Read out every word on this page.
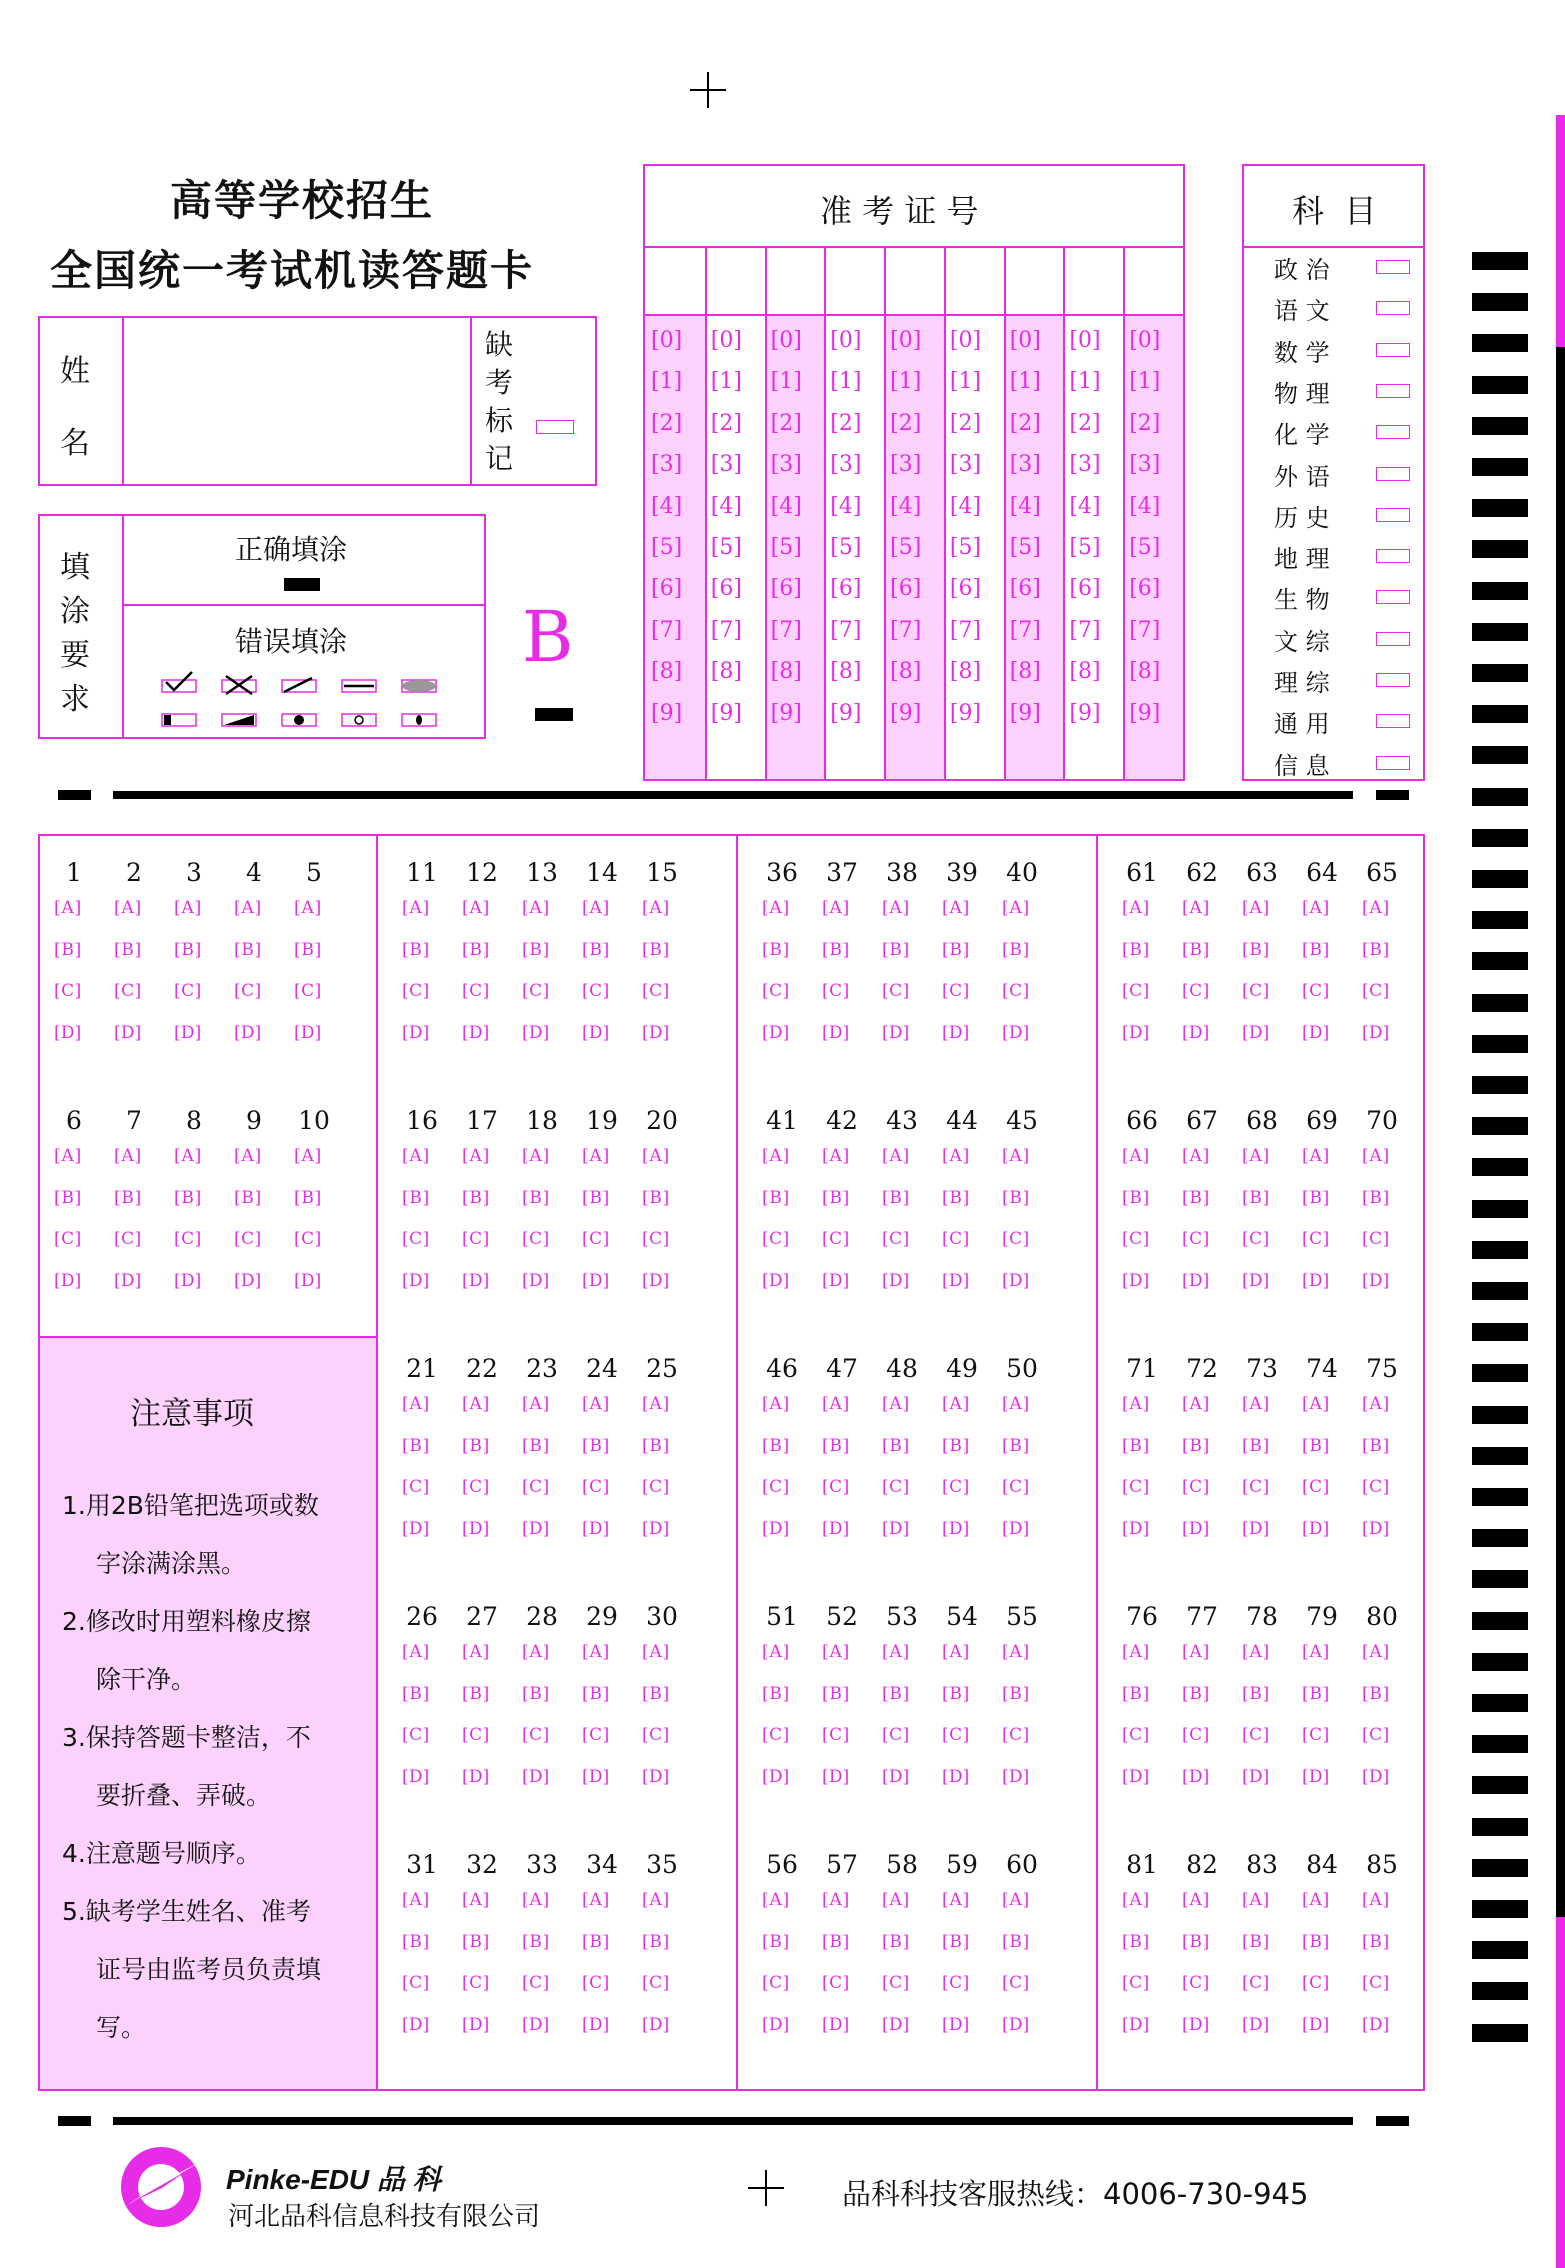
高等学校招生
全国统一考试机读答题卡
姓
名
缺
考
标
记
填
涂
要
求
正确填涂
错误填涂 B
准 考 证 号
[0]
[1]
[2]
[3]
[4]
[5]
[6]
[7]
[8]
[9]
[0]
[1]
[2]
[3]
[4]
[5]
[6]
[7]
[8]
[9]
[0]
[1]
[2]
[3]
[4]
[5]
[6]
[7]
[8]
[9]
[0]
[1]
[2]
[3]
[4]
[5]
[6]
[7]
[8]
[9]
[0]
[1]
[2]
[3]
[4]
[5]
[6]
[7]
[8]
[9]
[0]
[1]
[2]
[3]
[4]
[5]
[6]
[7]
[8]
[9]
[0]
[1]
[2]
[3]
[4]
[5]
[6]
[7]
[8]
[9]
[0]
[1]
[2]
[3]
[4]
[5]
[6]
[7]
[8]
[9]
[0]
[1]
[2]
[3]
[4]
[5]
[6]
[7]
[8]
[9]
科  目
政 治
语 文
数 学
物 理
化 学
外 语
历 史
地 理
生 物
文 综
理 综
通 用
信 息
注意事项
1.用2B铅笔把选项或数
字涂满涂黑。
2.修改时用塑料橡皮擦
除干净。
3.保持答题卡整洁，不
要折叠、弄破。
4.注意题号顺序。
5.缺考学生姓名、准考
证号由监考员负责填
写。
1
[A]
[B]
[C]
[D]
2
[A]
[B]
[C]
[D]
3
[A]
[B]
[C]
[D]
4
[A]
[B]
[C]
[D]
5
[A]
[B]
[C]
[D]
6
[A]
[B]
[C]
[D]
7
[A]
[B]
[C]
[D]
8
[A]
[B]
[C]
[D]
9
[A]
[B]
[C]
[D]
10
[A]
[B]
[C]
[D]
11
[A]
[B]
[C]
[D]
12
[A]
[B]
[C]
[D]
13
[A]
[B]
[C]
[D]
14
[A]
[B]
[C]
[D]
15
[A]
[B]
[C]
[D]
16
[A]
[B]
[C]
[D]
17
[A]
[B]
[C]
[D]
18
[A]
[B]
[C]
[D]
19
[A]
[B]
[C]
[D]
20
[A]
[B]
[C]
[D]
21
[A]
[B]
[C]
[D]
22
[A]
[B]
[C]
[D]
23
[A]
[B]
[C]
[D]
24
[A]
[B]
[C]
[D]
25
[A]
[B]
[C]
[D]
26
[A]
[B]
[C]
[D]
27
[A]
[B]
[C]
[D]
28
[A]
[B]
[C]
[D]
29
[A]
[B]
[C]
[D]
30
[A]
[B]
[C]
[D]
31
[A]
[B]
[C]
[D]
32
[A]
[B]
[C]
[D]
33
[A]
[B]
[C]
[D]
34
[A]
[B]
[C]
[D]
35
[A]
[B]
[C]
[D]
36
[A]
[B]
[C]
[D]
37
[A]
[B]
[C]
[D]
38
[A]
[B]
[C]
[D]
39
[A]
[B]
[C]
[D]
40
[A]
[B]
[C]
[D]
41
[A]
[B]
[C]
[D]
42
[A]
[B]
[C]
[D]
43
[A]
[B]
[C]
[D]
44
[A]
[B]
[C]
[D]
45
[A]
[B]
[C]
[D]
46
[A]
[B]
[C]
[D]
47
[A]
[B]
[C]
[D]
48
[A]
[B]
[C]
[D]
49
[A]
[B]
[C]
[D]
50
[A]
[B]
[C]
[D]
51
[A]
[B]
[C]
[D]
52
[A]
[B]
[C]
[D]
53
[A]
[B]
[C]
[D]
54
[A]
[B]
[C]
[D]
55
[A]
[B]
[C]
[D]
56
[A]
[B]
[C]
[D]
57
[A]
[B]
[C]
[D]
58
[A]
[B]
[C]
[D]
59
[A]
[B]
[C]
[D]
60
[A]
[B]
[C]
[D]
61
[A]
[B]
[C]
[D]
62
[A]
[B]
[C]
[D]
63
[A]
[B]
[C]
[D]
64
[A]
[B]
[C]
[D]
65
[A]
[B]
[C]
[D]
66
[A]
[B]
[C]
[D]
67
[A]
[B]
[C]
[D]
68
[A]
[B]
[C]
[D]
69
[A]
[B]
[C]
[D]
70
[A]
[B]
[C]
[D]
71
[A]
[B]
[C]
[D]
72
[A]
[B]
[C]
[D]
73
[A]
[B]
[C]
[D]
74
[A]
[B]
[C]
[D]
75
[A]
[B]
[C]
[D]
76
[A]
[B]
[C]
[D]
77
[A]
[B]
[C]
[D]
78
[A]
[B]
[C]
[D]
79
[A]
[B]
[C]
[D]
80
[A]
[B]
[C]
[D]
81
[A]
[B]
[C]
[D]
82
[A]
[B]
[C]
[D]
83
[A]
[B]
[C]
[D]
84
[A]
[B]
[C]
[D]
85
[A]
[B]
[C]
[D]
Pinke-EDU 品 科
河北品科信息科技有限公司
品科科技客服热线：4006-730-945
